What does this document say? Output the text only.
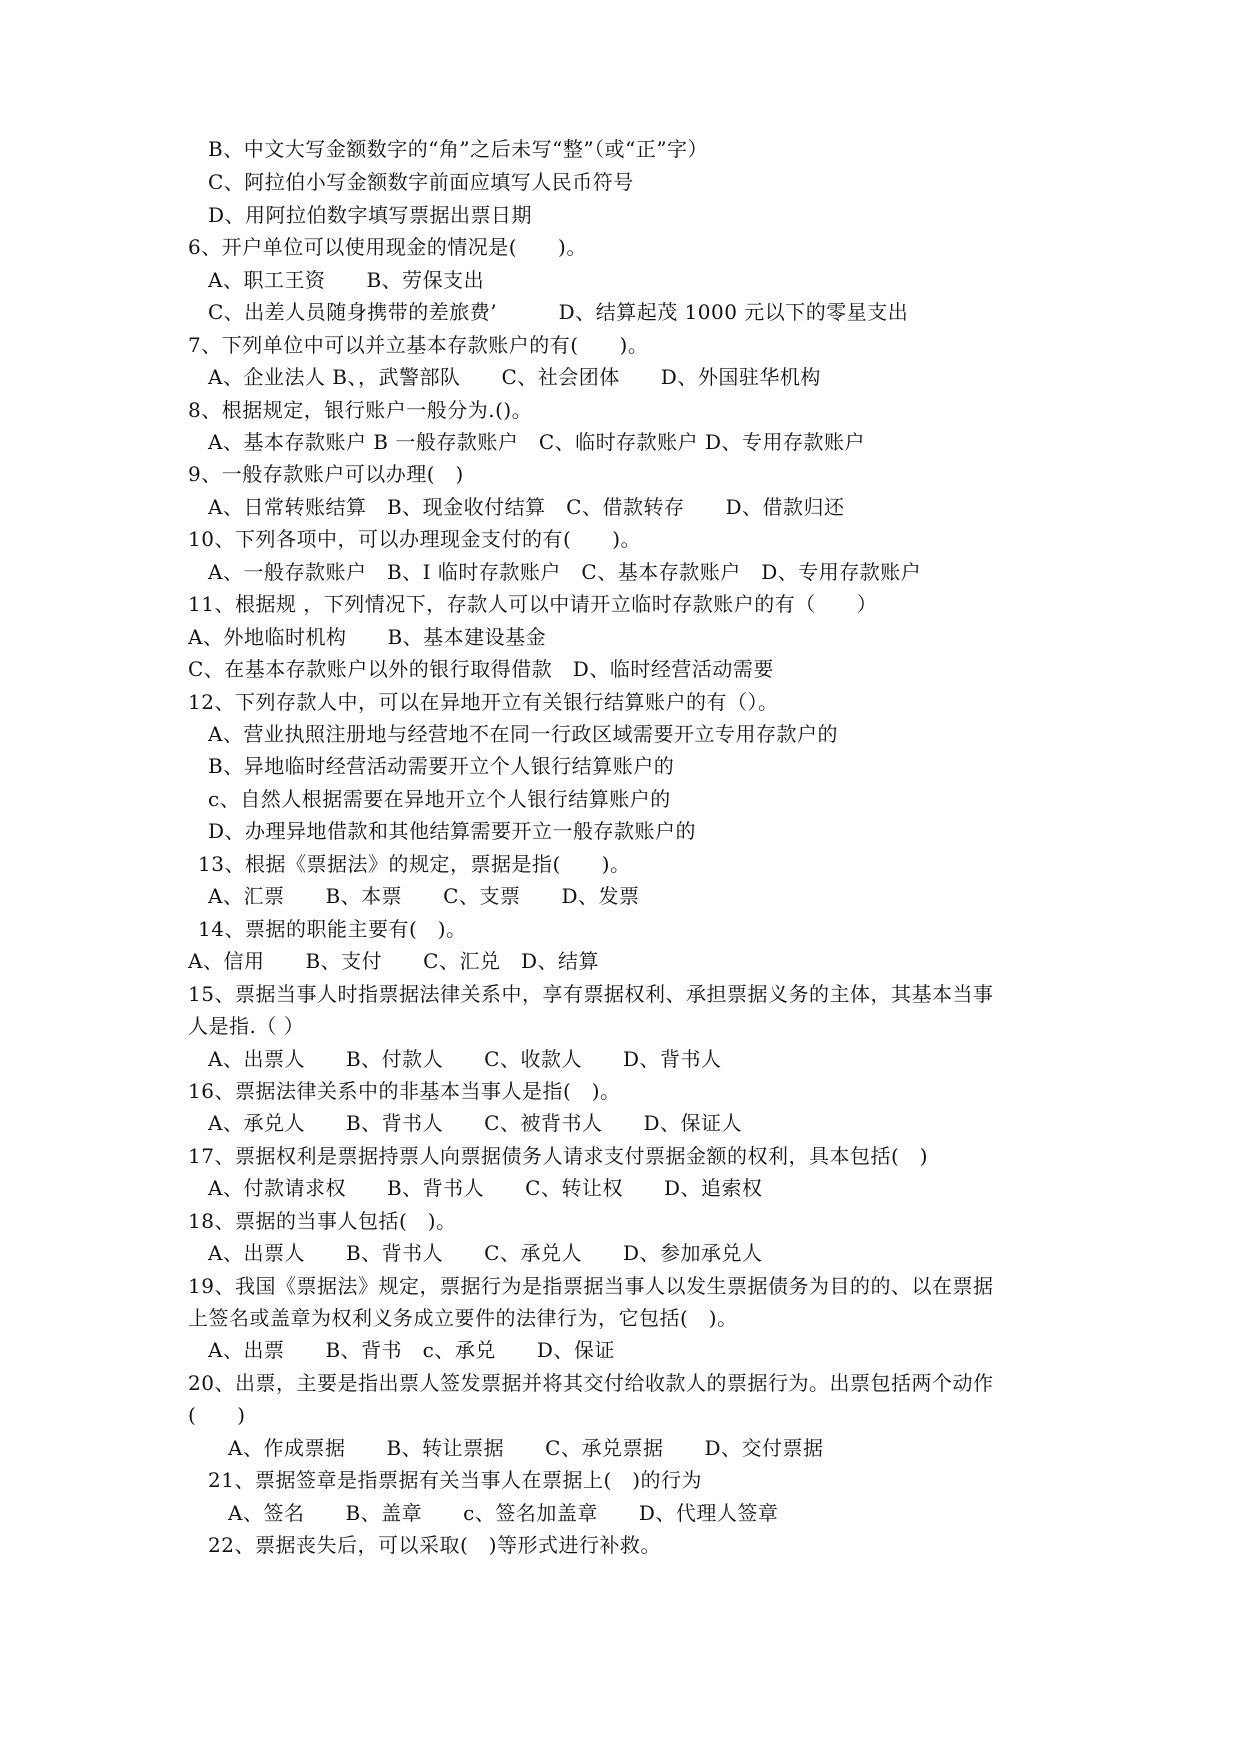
B、中文大写金额数字的“角”之后未写“整”（或“正”字）
C、阿拉伯小写金额数字前面应填写人民币符号
D、用阿拉伯数字填写票据出票日期
6、开户单位可以使用现金的情况是(　　)。
A、职工王资　　B、劳保支出
C、出差人员随身携带的差旅费’　　　D、结算起茂 1000 元以下的零星支出
7、下列单位中可以并立基本存款账户的有(　　)。
A、企业法人 B、，武警部队　　C、社会团体　　D、外国驻华机构
8、根据规定，银行账户一般分为.()。
A、基本存款账户 B 一般存款账户　C、临时存款账户 D、专用存款账户
9、一般存款账户可以办理(　)
A、日常转账结算　B、现金收付结算　C、借款转存　　D、借款归还
10、下列各项中，可以办理现金支付的有(　　)。
A、一般存款账户　B、I 临时存款账户　C、基本存款账户　D、专用存款账户
11、根据规 ，下列情况下，存款人可以中请开立临时存款账户的有（　　）
A、外地临时机构　　B、基本建设基金
C、在基本存款账户以外的银行取得借款　D、临时经营活动需要
12、下列存款人中，可以在异地开立有关银行结算账户的有（）。
A、营业执照注册地与经营地不在同一行政区域需要开立专用存款户的
B、异地临时经营活动需要开立个人银行结算账户的
c、自然人根据需要在异地开立个人银行结算账户的
D、办理异地借款和其他结算需要开立一般存款账户的
13、根据《票据法》的规定，票据是指(　　)。
A、汇票　　B、本票　　C、支票　　D、发票
14、票据的职能主要有(　)。
A、信用　　B、支付　　C、汇兑　D、结算
15、票据当事人时指票据法律关系中，享有票据权利、承担票据义务的主体，其基本当事
人是指.（ ）
A、出票人　　B、付款人　　C、收款人　　D、背书人
16、票据法律关系中的非基本当事人是指(　)。
A、承兑人　　B、背书人　　C、被背书人　　D、保证人
17、票据权利是票据持票人向票据债务人请求支付票据金额的权利，具本包括(　)
A、付款请求权　　B、背书人　　C、转让权　　D、追索权
18、票据的当事人包括(　)。
A、出票人　　B、背书人　　C、承兑人　　D、参加承兑人
19、我国《票据法》规定，票据行为是指票据当事人以发生票据债务为目的的、以在票据
上签名或盖章为权利义务成立要件的法律行为，它包括(　)。
A、出票　　B、背书　c、承兑　　D、保证
20、出票，主要是指出票人签发票据并将其交付给收款人的票据行为。出票包括两个动作
(　　)
A、作成票据　　B、转让票据　　C、承兑票据　　D、交付票据
21、票据签章是指票据有关当事人在票据上(　)的行为
A、签名　　B、盖章　　c、签名加盖章　　D、代理人签章
22、票据丧失后，可以采取(　)等形式进行补救。
